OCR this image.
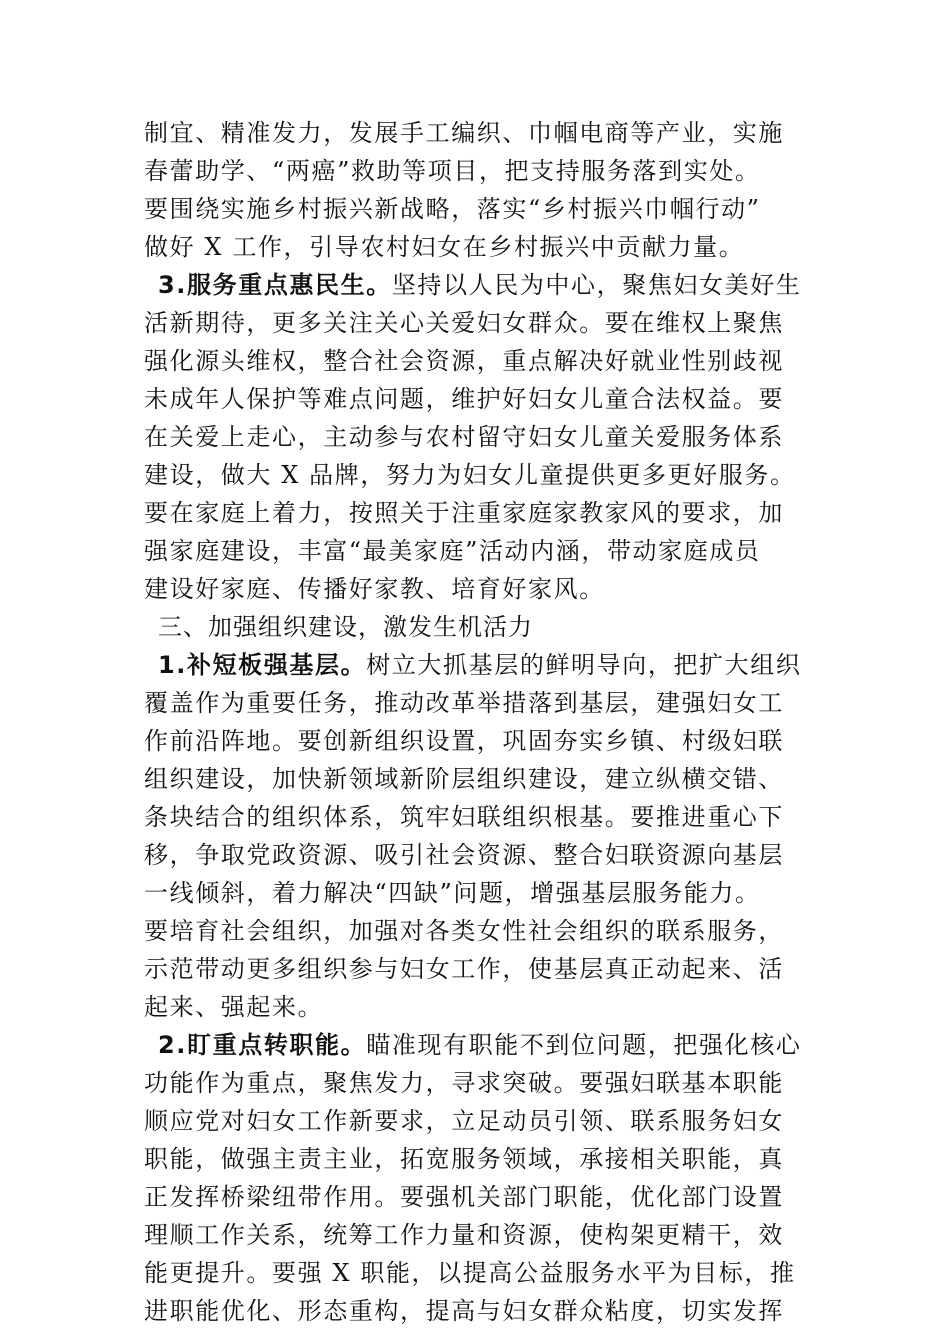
制宜、精准发力，发展手工编织、巾帼电商等产业，实施
春蕾助学、“两癌”救助等项目，把支持服务落到实处。
要围绕实施乡村振兴新战略，落实“乡村振兴巾帼行动”
做好 X 工作，引导农村妇女在乡村振兴中贡献力量。
3.服务重点惠民生。坚持以人民为中心，聚焦妇女美好生
活新期待，更多关注关心关爱妇女群众。要在维权上聚焦
强化源头维权，整合社会资源，重点解决好就业性别歧视
未成年人保护等难点问题，维护好妇女儿童合法权益。要
在关爱上走心，主动参与农村留守妇女儿童关爱服务体系
建设，做大 X 品牌，努力为妇女儿童提供更多更好服务。
要在家庭上着力，按照关于注重家庭家教家风的要求，加
强家庭建设，丰富“最美家庭”活动内涵，带动家庭成员
建设好家庭、传播好家教、培育好家风。
三、加强组织建设，激发生机活力
1.补短板强基层。树立大抓基层的鲜明导向，把扩大组织
覆盖作为重要任务，推动改革举措落到基层，建强妇女工
作前沿阵地。要创新组织设置，巩固夯实乡镇、村级妇联
组织建设，加快新领域新阶层组织建设，建立纵横交错、
条块结合的组织体系，筑牢妇联组织根基。要推进重心下
移，争取党政资源、吸引社会资源、整合妇联资源向基层
一线倾斜，着力解决“四缺”问题，增强基层服务能力。
要培育社会组织，加强对各类女性社会组织的联系服务，
示范带动更多组织参与妇女工作，使基层真正动起来、活
起来、强起来。
2.盯重点转职能。瞄准现有职能不到位问题，把强化核心
功能作为重点，聚焦发力，寻求突破。要强妇联基本职能
顺应党对妇女工作新要求，立足动员引领、联系服务妇女
职能，做强主责主业，拓宽服务领域，承接相关职能，真
正发挥桥梁纽带作用。要强机关部门职能，优化部门设置
理顺工作关系，统筹工作力量和资源，使构架更精干，效
能更提升。要强 X 职能，以提高公益服务水平为目标，推
进职能优化、形态重构，提高与妇女群众粘度，切实发挥
